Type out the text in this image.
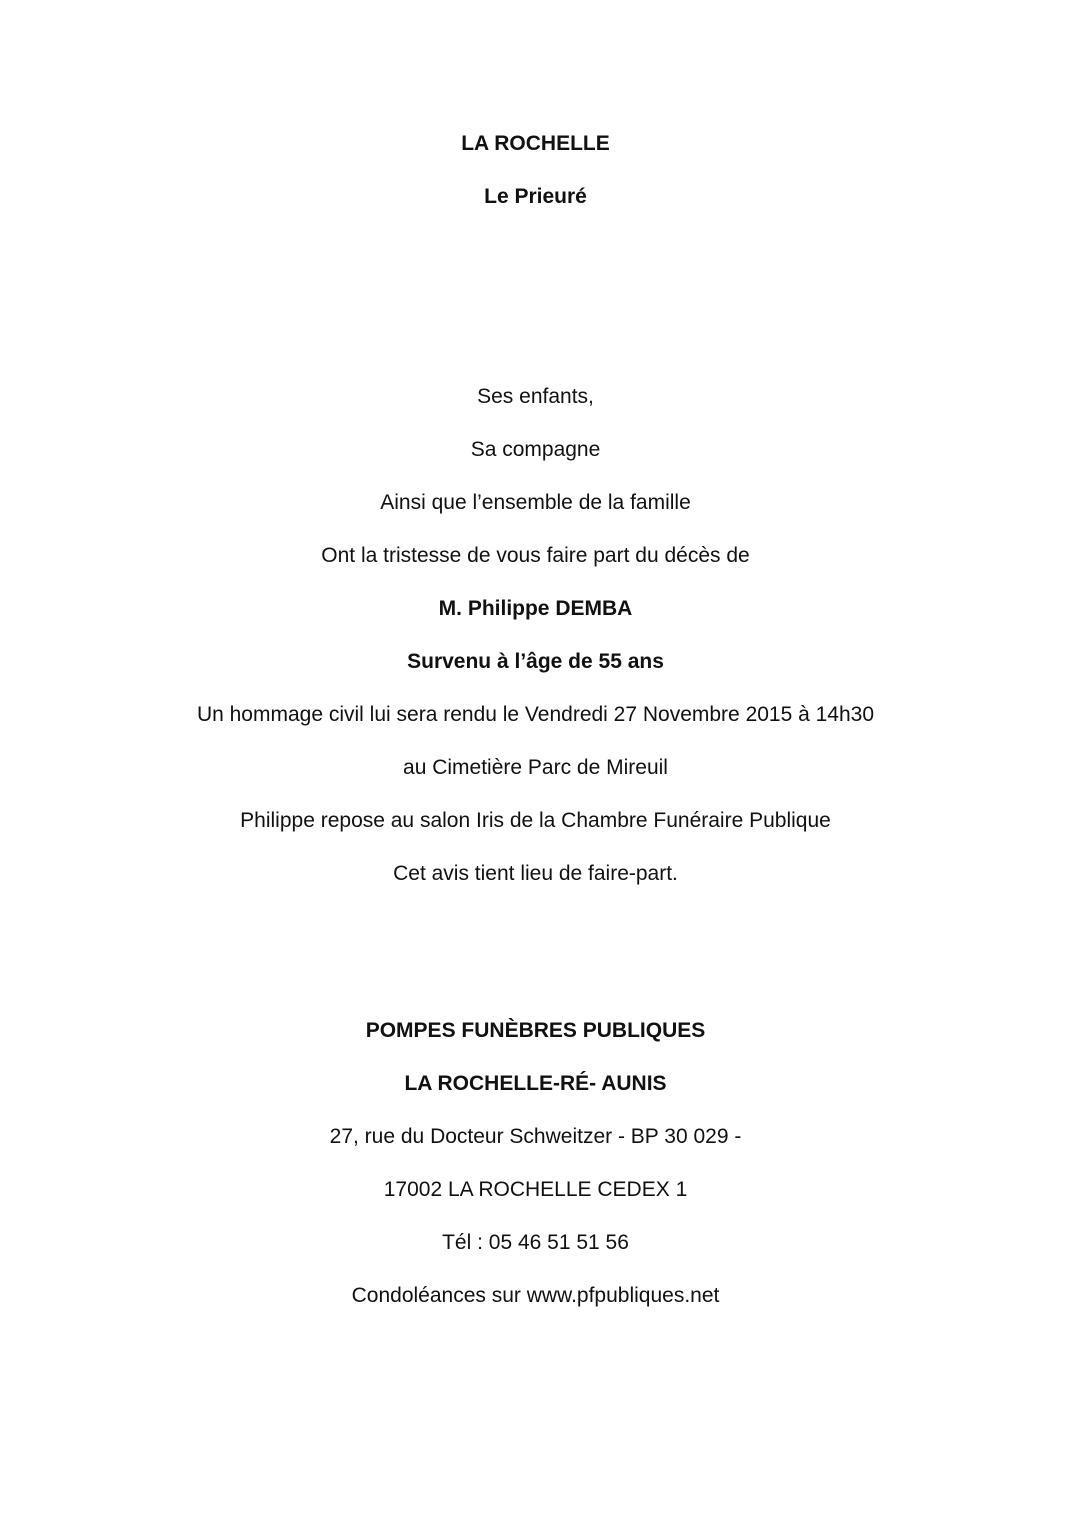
LA ROCHELLE
Le Prieuré
Ses enfants,
Sa compagne
Ainsi que l’ensemble de la famille
Ont la tristesse de vous faire part du décès de
M. Philippe DEMBA
Survenu à l’âge de 55 ans
Un hommage civil lui sera rendu le Vendredi 27 Novembre 2015 à 14h30
au Cimetière Parc de Mireuil
Philippe repose au salon Iris de la Chambre Funéraire Publique
Cet avis tient lieu de faire-part.
POMPES FUNÈBRES PUBLIQUES
LA ROCHELLE-RÉ- AUNIS
27, rue du Docteur Schweitzer - BP 30 029 -
17002 LA ROCHELLE CEDEX 1
Tél : 05 46 51 51 56
Condoléances sur www.pfpubliques.net
